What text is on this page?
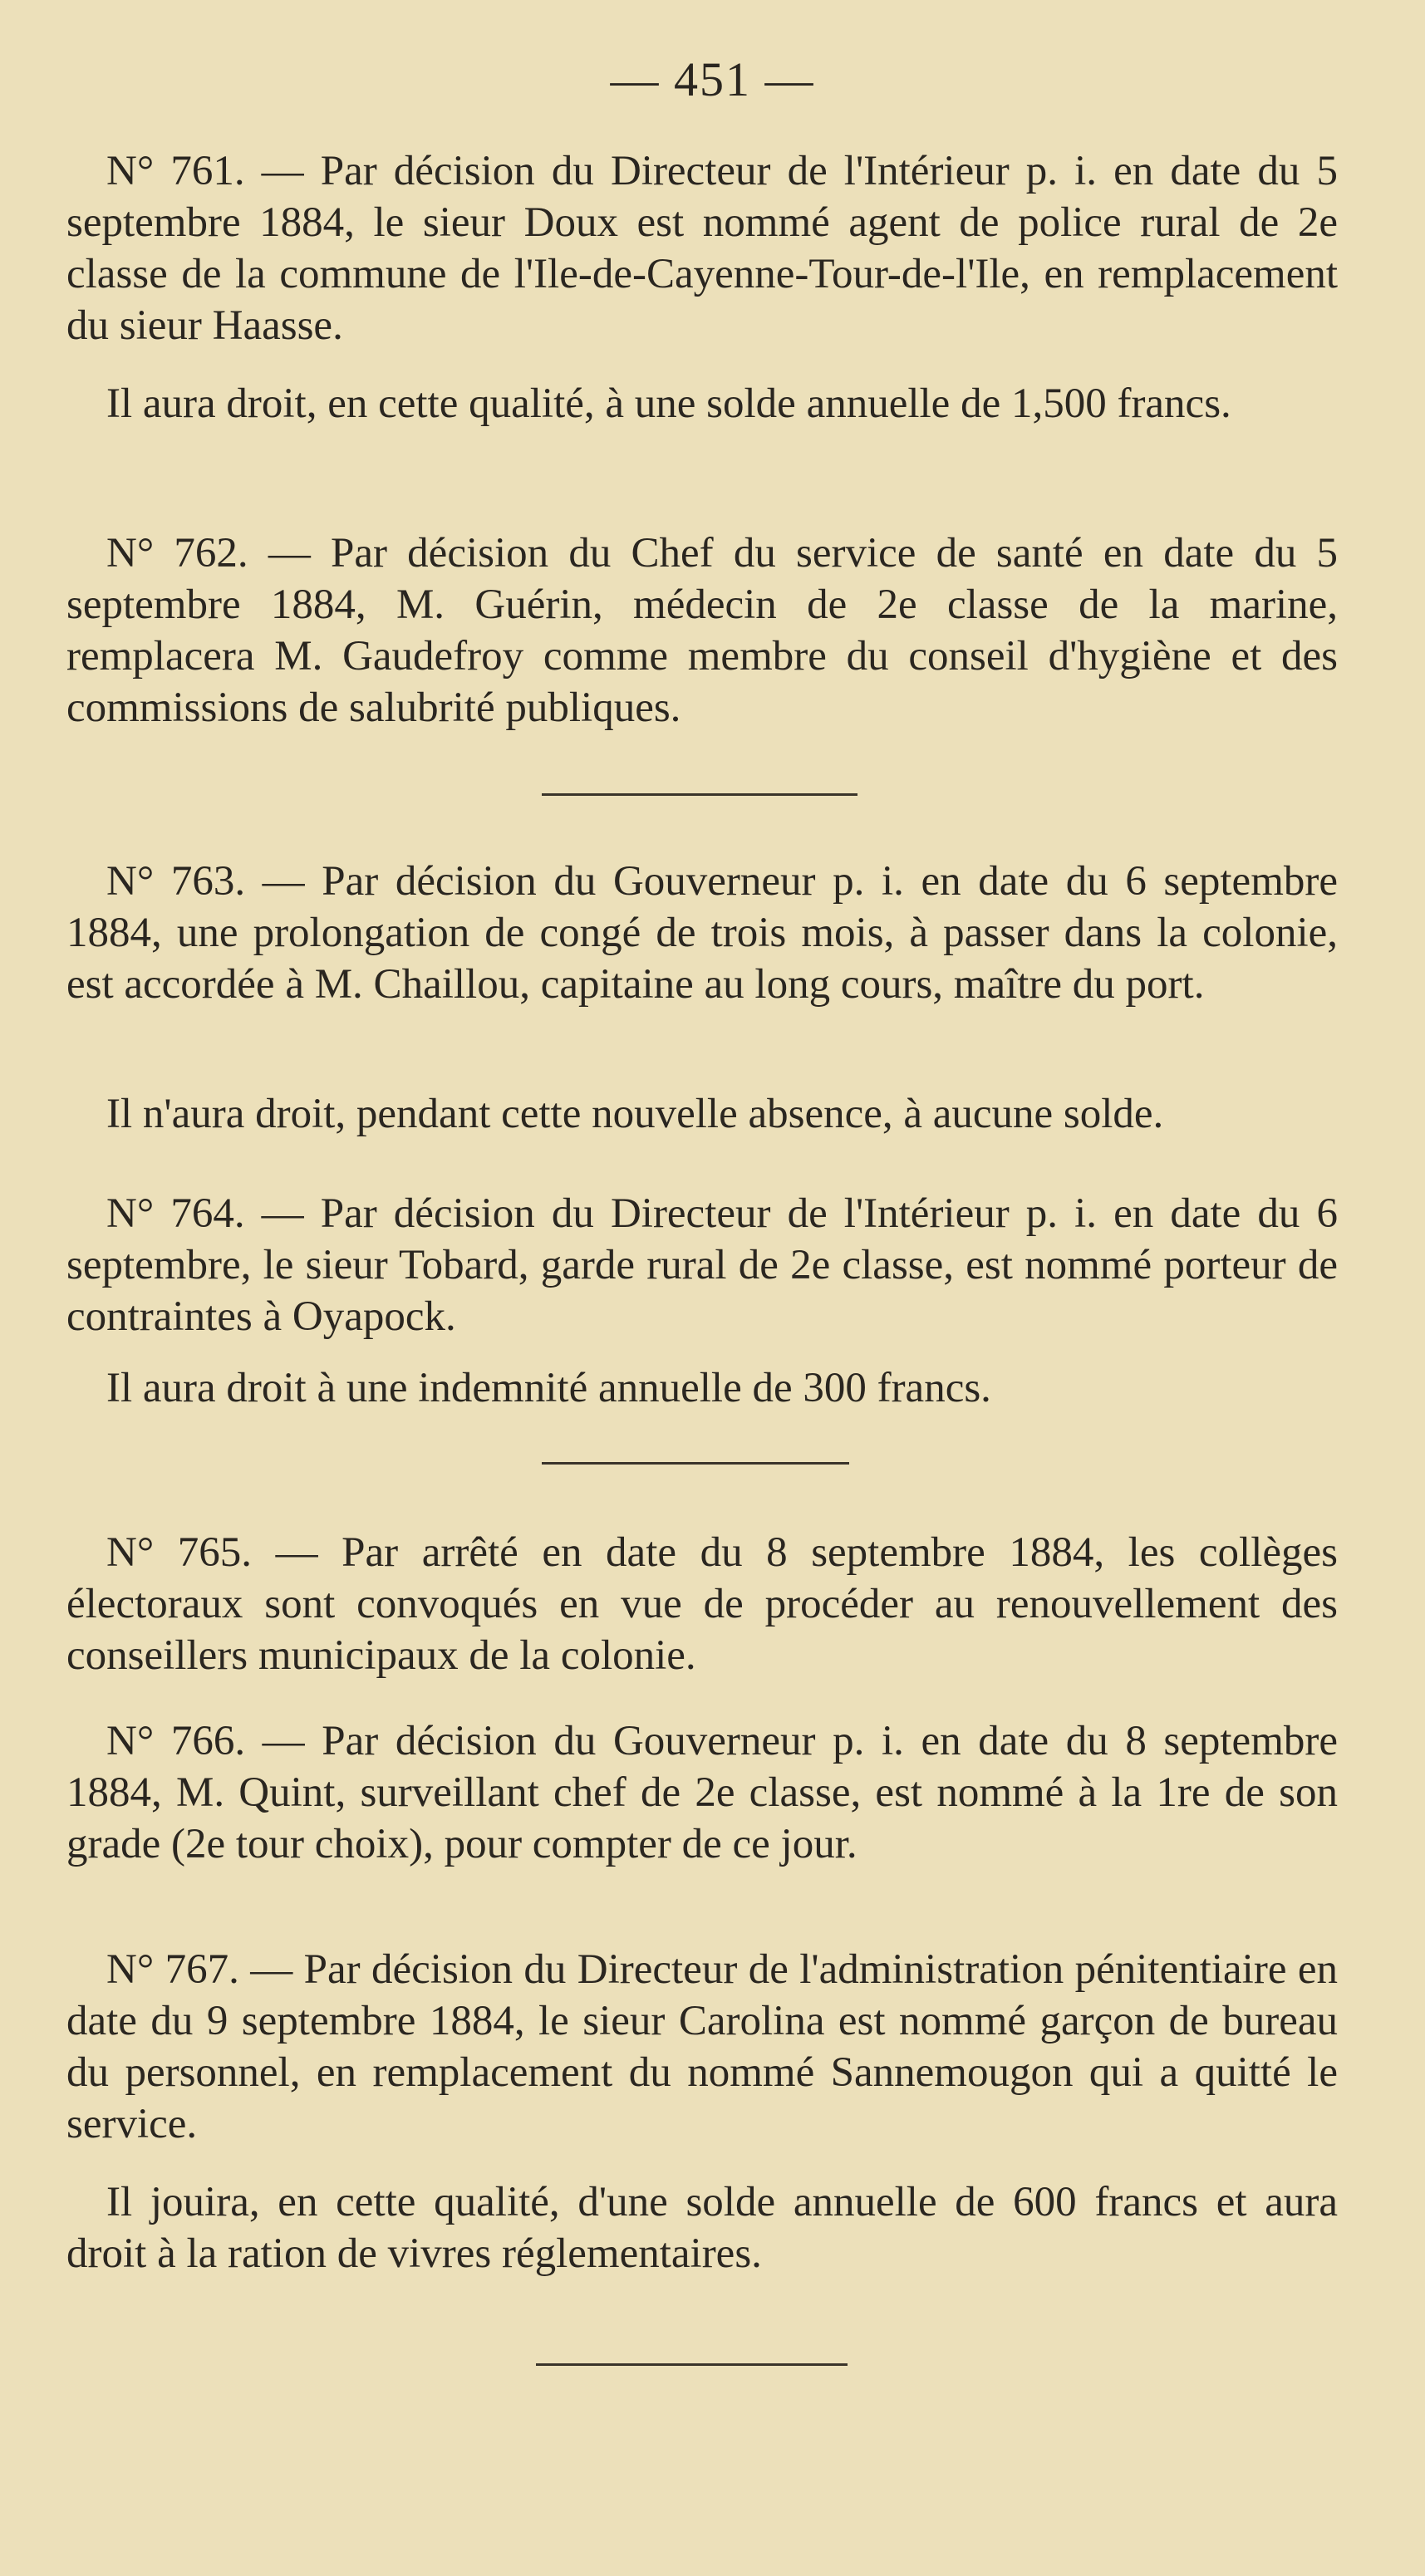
— 451 —

N° 761. — Par décision du Directeur de l'Intérieur p. i. en date du 5 septembre 1884, le sieur Doux est nommé agent de police rural de 2e classe de la commune de l'Ile-de-Cayenne-Tour-de-l'Ile, en remplacement du sieur Haasse.

Il aura droit, en cette qualité, à une solde annuelle de 1,500 francs.

N° 762. — Par décision du Chef du service de santé en date du 5 septembre 1884, M. Guérin, médecin de 2e classe de la marine, remplacera M. Gaudefroy comme membre du conseil d'hygiène et des commissions de salubrité publiques.

N° 763. — Par décision du Gouverneur p. i. en date du 6 septembre 1884, une prolongation de congé de trois mois, à passer dans la colonie, est accordée à M. Chaillou, capitaine au long cours, maître du port.

Il n'aura droit, pendant cette nouvelle absence, à aucune solde.

N° 764. — Par décision du Directeur de l'Intérieur p. i. en date du 6 septembre, le sieur Tobard, garde rural de 2e classe, est nommé porteur de contraintes à Oyapock.

Il aura droit à une indemnité annuelle de 300 francs.

N° 765. — Par arrêté en date du 8 septembre 1884, les collèges électoraux sont convoqués en vue de procéder au renouvellement des conseillers municipaux de la colonie.

N° 766. — Par décision du Gouverneur p. i. en date du 8 septembre 1884, M. Quint, surveillant chef de 2e classe, est nommé à la 1re de son grade (2e tour choix), pour compter de ce jour.

N° 767. — Par décision du Directeur de l'administration pénitentiaire en date du 9 septembre 1884, le sieur Carolina est nommé garçon de bureau du personnel, en remplacement du nommé Sannemougon qui a quitté le service.

Il jouira, en cette qualité, d'une solde annuelle de 600 francs et aura droit à la ration de vivres réglementaires.
